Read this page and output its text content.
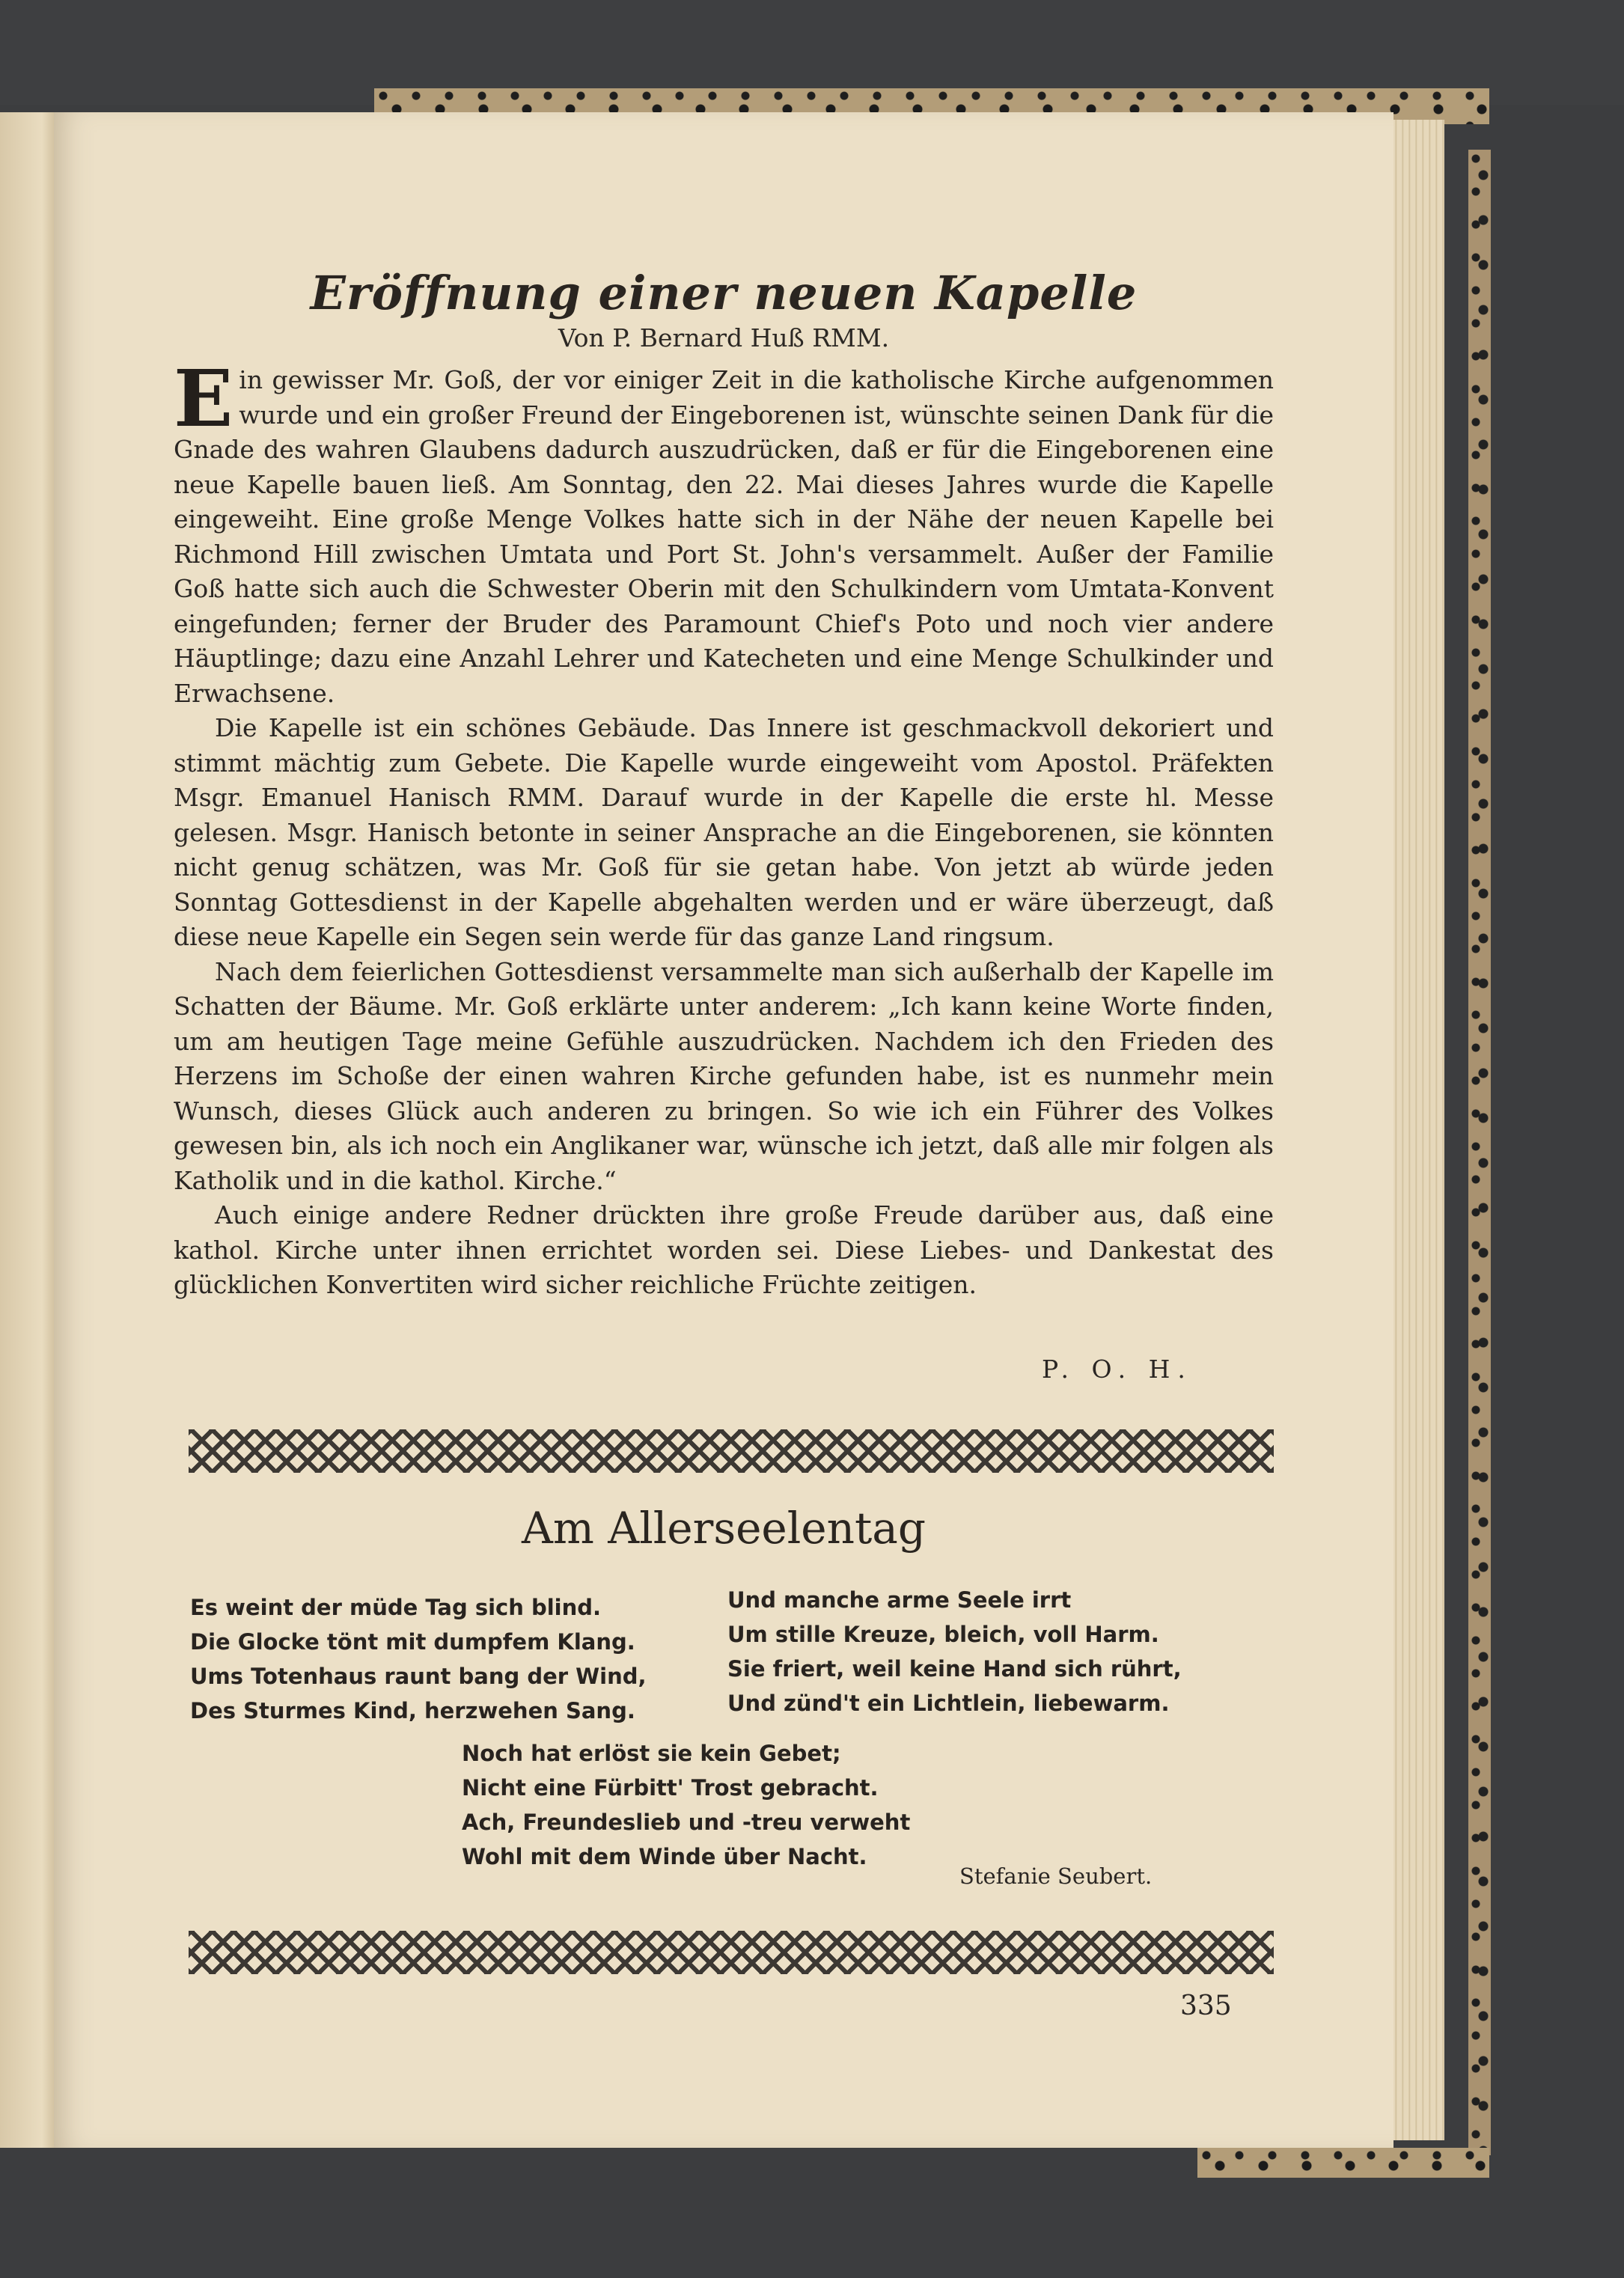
Eröffnung einer neuen Kapelle
Von P. Bernard Huß RMM.

Ein gewisser Mr. Goß, der vor einiger Zeit in die katholische Kirche aufgenommen wurde und ein großer Freund der Eingeborenen ist, wünschte seinen Dank für die Gnade des wahren Glaubens dadurch auszudrücken, daß er für die Eingeborenen eine neue Kapelle bauen ließ. Am Sonntag, den 22. Mai dieses Jahres wurde die Kapelle eingeweiht. Eine große Menge Volkes hatte sich in der Nähe der neuen Kapelle bei Richmond Hill zwischen Umtata und Port St. John's versammelt. Außer der Familie Goß hatte sich auch die Schwester Oberin mit den Schulkindern vom Umtata-Konvent eingefunden; ferner der Bruder des Paramount Chief's Poto und noch vier andere Häuptlinge; dazu eine Anzahl Lehrer und Katecheten und eine Menge Schulkinder und Erwachsene.

Die Kapelle ist ein schönes Gebäude. Das Innere ist geschmackvoll dekoriert und stimmt mächtig zum Gebete. Die Kapelle wurde eingeweiht vom Apostol. Präfekten Msgr. Emanuel Hanisch RMM. Darauf wurde in der Kapelle die erste hl. Messe gelesen. Msgr. Hanisch betonte in seiner Ansprache an die Eingeborenen, sie könnten nicht genug schätzen, was Mr. Goß für sie getan habe. Von jetzt ab würde jeden Sonntag Gottesdienst in der Kapelle abgehalten werden und er wäre überzeugt, daß diese neue Kapelle ein Segen sein werde für das ganze Land ringsum.

Nach dem feierlichen Gottesdienst versammelte man sich außerhalb der Kapelle im Schatten der Bäume. Mr. Goß erklärte unter anderem: „Ich kann keine Worte finden, um am heutigen Tage meine Gefühle auszudrücken. Nachdem ich den Frieden des Herzens im Schoße der einen wahren Kirche gefunden habe, ist es nunmehr mein Wunsch, dieses Glück auch anderen zu bringen. So wie ich ein Führer des Volkes gewesen bin, als ich noch ein Anglikaner war, wünsche ich jetzt, daß alle mir folgen als Katholik und in die kathol. Kirche.“

Auch einige andere Redner drückten ihre große Freude darüber aus, daß eine kathol. Kirche unter ihnen errichtet worden sei. Diese Liebes- und Dankestat des glücklichen Konvertiten wird sicher reichliche Früchte zeitigen.

P. O. H.
Am Allerseelentag
Es weint der müde Tag sich blind.
Die Glocke tönt mit dumpfem Klang.
Ums Totenhaus raunt bang der Wind,
Des Sturmes Kind, herzwehen Sang.
Und manche arme Seele irrt
Um stille Kreuze, bleich, voll Harm.
Sie friert, weil keine Hand sich rührt,
Und zünd't ein Lichtlein, liebewarm.
Noch hat erlöst sie kein Gebet;
Nicht eine Fürbitt' Trost gebracht.
Ach, Freundeslieb und -treu verweht
Wohl mit dem Winde über Nacht.
Stefanie Seubert.
335
